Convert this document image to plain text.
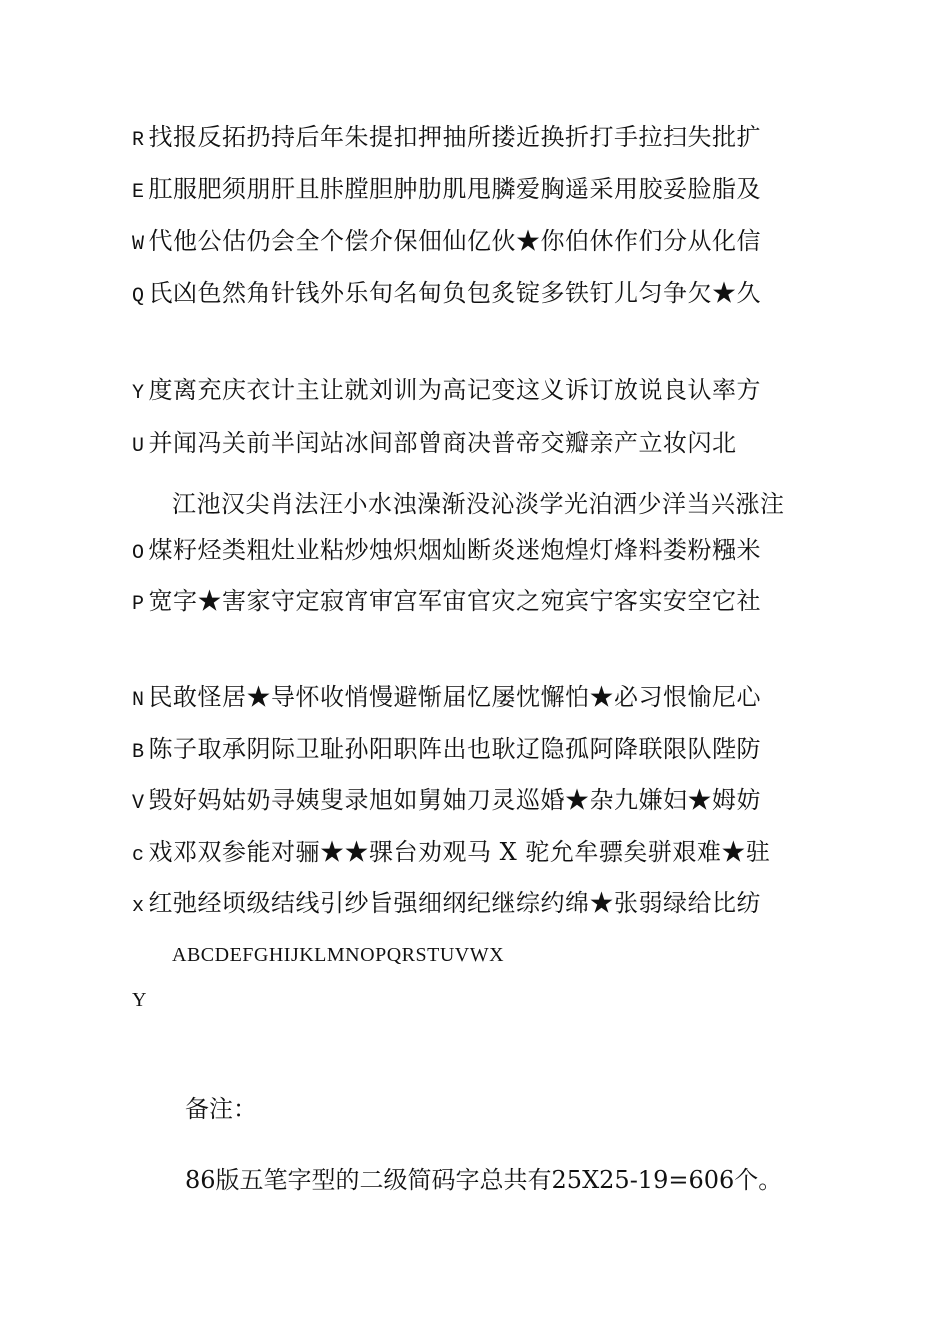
R 找报反拓扔持后年朱提扣押抽所搂近换折打手拉扫失批扩
E 肛服肥须朋肝且胩膛胆肿肋肌甩膦爱胸遥采用胶妥脸脂及
W 代他公估仍会全个偿介保佃仙亿伙★你伯休作们分从化信
Q 氏凶色然角针钱外乐旬名甸负包炙锭多铁钉儿匀争欠★久
Y 度离充庆衣计主让就刘训为高记变这义诉订放说良认率方
U 并闻冯关前半闰站冰间部曾商决普帝交瓣亲产立妆闪北
江池汉尖肖法汪小水浊澡渐没沁淡学光泊洒少洋当兴涨注
O 煤籽烃类粗灶业粘炒烛炽烟灿断炎迷炮煌灯烽料娄粉糨米
P 宽字★害家守定寂宵审宫军宙官灾之宛宾宁客实安空它社
N 民敢怪居★导怀收悄慢避惭届忆屡忱懈怕★必习恨愉尼心
B 陈子取承阴际卫耻孙阳职阵出也耿辽隐孤阿降联限队陛防
V 毁好妈姑奶寻姨叟录旭如舅妯刀灵巡婚★杂九嫌妇★姆妨
c 戏邓双参能对骊★★骒台劝观马 X 驼允牟骠矣骈艰难★驻
x 红弛经顷级结线引纱旨强细纲纪继综约绵★张弱绿给比纺
ABCDEFGHIJKLMNOPQRSTUVWX
Y
备注：
86版五笔字型的二级简码字总共有25X25-19=606个。
